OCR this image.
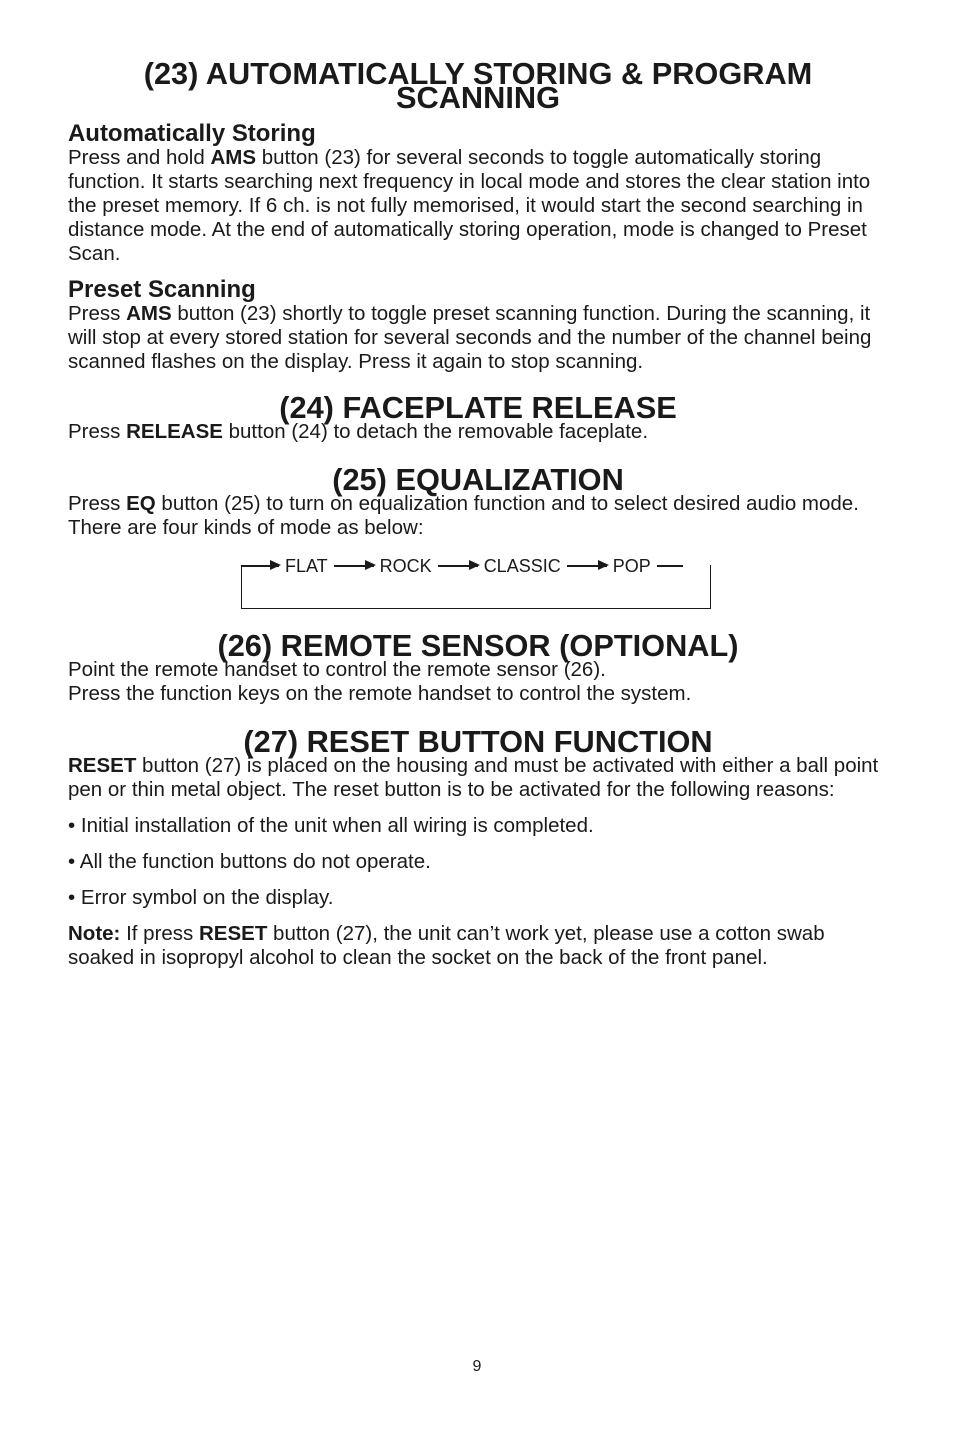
(23) AUTOMATICALLY STORING & PROGRAM SCANNING
Automatically Storing

Press and hold AMS button (23) for several seconds to toggle automatically storing function. It starts searching next frequency in local mode and stores the clear station into the preset memory. If 6 ch. is not fully memorised, it would start the second searching in distance mode. At the end of automatically storing operation, mode is changed to Preset Scan.

Preset Scanning

Press AMS button (23) shortly to toggle preset scanning function. During the scanning, it will stop at every stored station for several seconds and the number of the channel being scanned flashes on the display. Press it again to stop scanning.

(24) FACEPLATE RELEASE

Press RELEASE button (24) to detach the removable faceplate.

(25) EQUALIZATION

Press EQ button (25) to turn on equalization function and to select desired audio mode. There are four kinds of mode as below:

FLAT	ROCK	CLASSIC	POP
(26) REMOTE SENSOR (OPTIONAL)

Point the remote handset to control the remote sensor (26).

Press the function keys on the remote handset to control the system.

(27) RESET BUTTON FUNCTION

RESET button (27) is placed on the housing and must be activated with either a ball point pen or thin metal object. The reset button is to be activated for the following reasons:

• Initial installation of the unit when all wiring is completed.

• All the function buttons do not operate.

• Error symbol on the display.

Note: If press RESET button (27), the unit can’t work yet, please use a cotton swab soaked in isopropyl alcohol to clean the socket on the back of the front panel.

9
